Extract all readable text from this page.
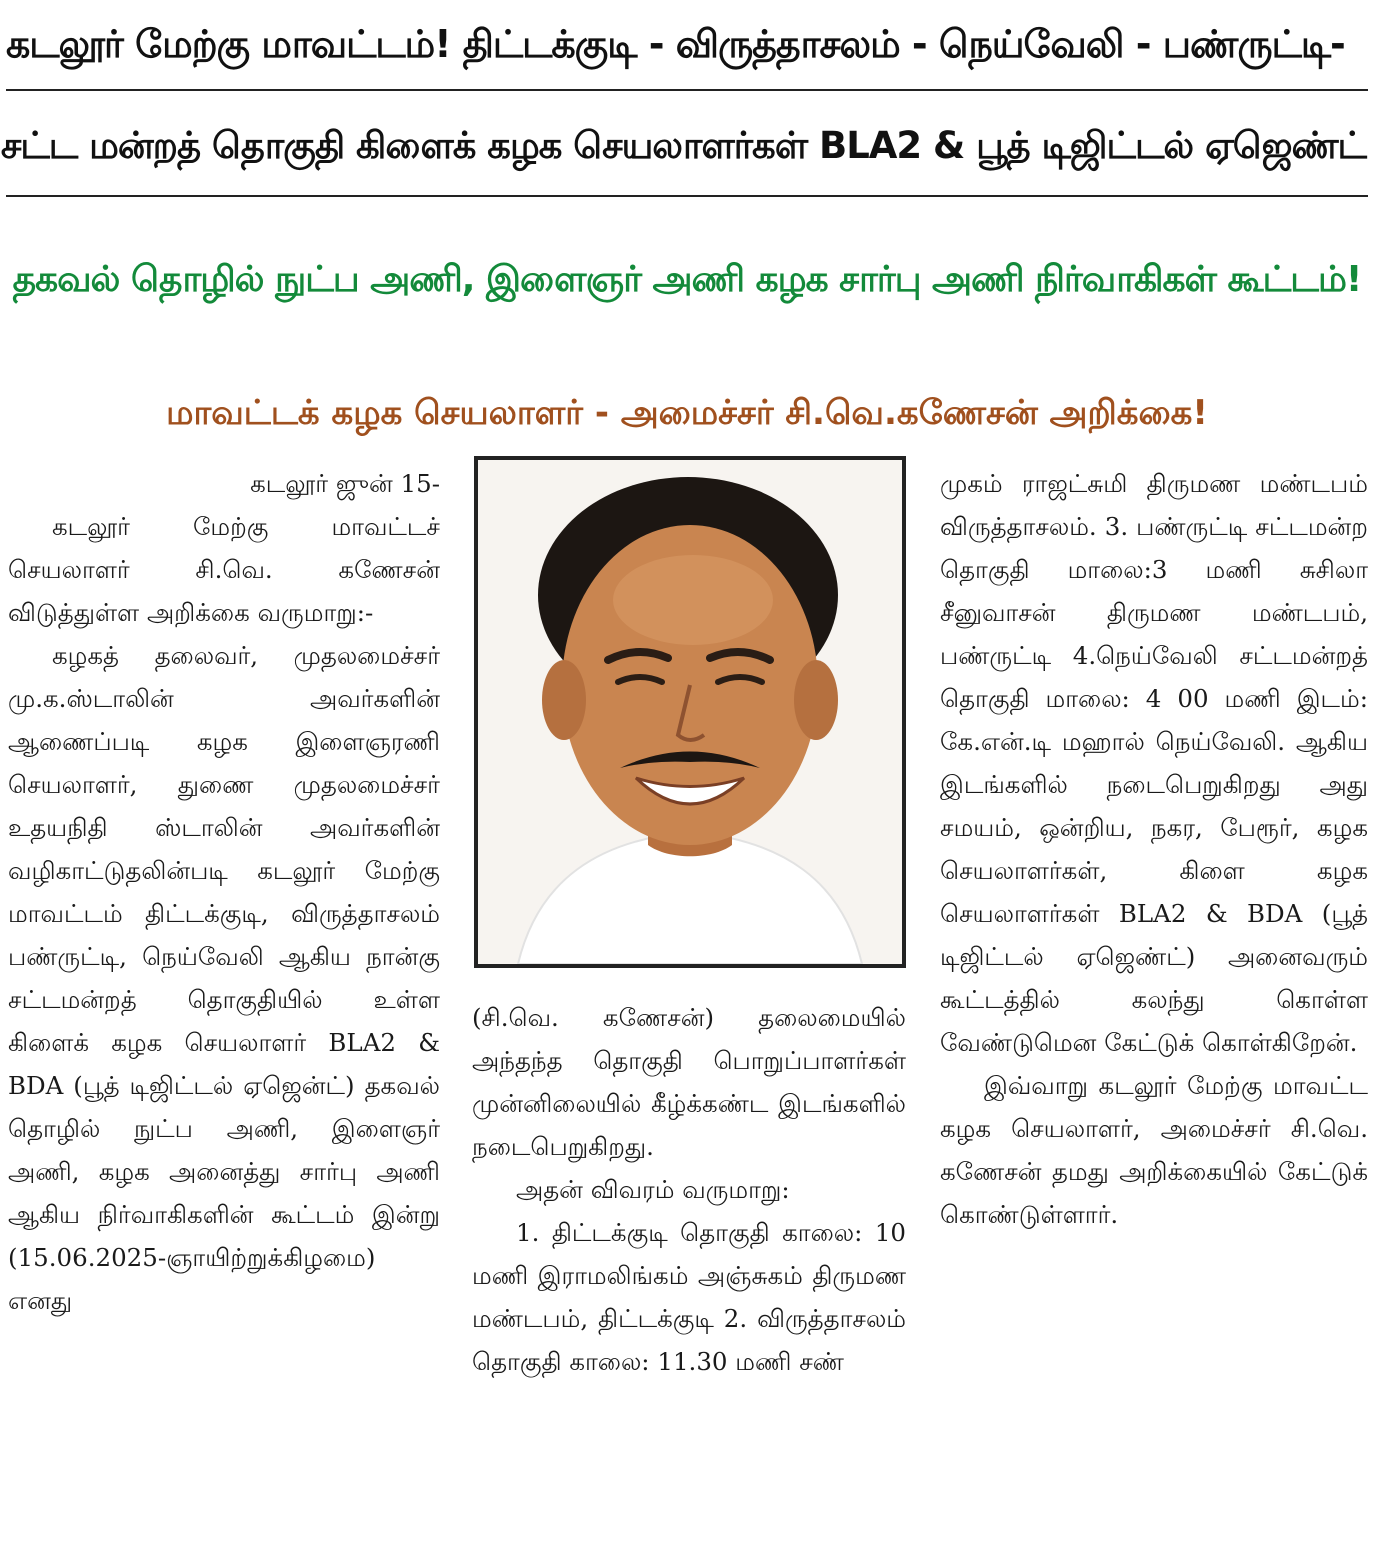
கடலூர் மேற்கு மாவட்டம்! திட்டக்குடி - விருத்தாசலம் - நெய்வேலி - பண்ருட்டி-
சட்ட மன்றத் தொகுதி கிளைக் கழக செயலாளர்கள் BLA2 & பூத் டிஜிட்டல் ஏஜெண்ட்
தகவல் தொழில் நுட்ப அணி, இளைஞர் அணி கழக சார்பு அணி நிர்வாகிகள் கூட்டம்!
மாவட்டக் கழக செயலாளர் - அமைச்சர் சி.வெ.கணேசன் அறிக்கை!

கடலூர் ஜுன் 15-

கடலூர் மேற்கு மாவட்டச் செயலாளர் சி.வெ. கணேசன் விடுத்துள்ள அறிக்கை வருமாறு:-

கழகத் தலைவர், முதலமைச்சர் மு.க.ஸ்டாலின் அவர்களின் ஆணைப்படி கழக இளைஞரணி செயலாளர், துணை முதலமைச்சர் உதயநிதி ஸ்டாலின் அவர்களின் வழிகாட்டுதலின்படி கடலூர் மேற்கு மாவட்டம் திட்டக்குடி, விருத்தாசலம் பண்ருட்டி, நெய்வேலி ஆகிய நான்கு சட்டமன்றத் தொகுதியில் உள்ள கிளைக் கழக செயலாளர் BLA2 & BDA (பூத் டிஜிட்டல் ஏஜென்ட்) தகவல் தொழில் நுட்ப அணி, இளைஞர் அணி, கழக அனைத்து சார்பு அணி ஆகிய நிர்வாகிகளின் கூட்டம் இன்று (15.06.2025-ஞாயிற்றுக்கிழமை) எனது

(சி.வெ. கணேசன்) தலைமையில் அந்தந்த தொகுதி பொறுப்பாளர்கள் முன்னிலையில் கீழ்க்கண்ட இடங்களில் நடைபெறுகிறது.

அதன் விவரம் வருமாறு:

1. திட்டக்குடி தொகுதி காலை: 10 மணி இராமலிங்கம் அஞ்சுகம் திருமண மண்டபம், திட்டக்குடி 2. விருத்தாசலம் தொகுதி காலை: 11.30 மணி சண்

முகம் ராஜட்சுமி திருமண மண்டபம் விருத்தாசலம். 3. பண்ருட்டி சட்டமன்ற தொகுதி மாலை:3 மணி சுசிலா சீனுவாசன் திருமண மண்டபம், பண்ருட்டி 4.நெய்வேலி சட்டமன்றத் தொகுதி மாலை: 4 00 மணி இடம்: கே.என்.டி மஹால் நெய்வேலி. ஆகிய இடங்களில் நடைபெறுகிறது அது சமயம், ஒன்றிய, நகர, பேரூர், கழக செயலாளர்கள், கிளை கழக செயலாளர்கள் BLA2 & BDA (பூத் டிஜிட்டல் ஏஜெண்ட்) அனைவரும் கூட்டத்தில் கலந்து கொள்ள வேண்டுமென கேட்டுக் கொள்கிறேன்.

இவ்வாறு கடலூர் மேற்கு மாவட்ட கழக செயலாளர், அமைச்சர் சி.வெ. கணேசன் தமது அறிக்கையில் கேட்டுக் கொண்டுள்ளார்.
